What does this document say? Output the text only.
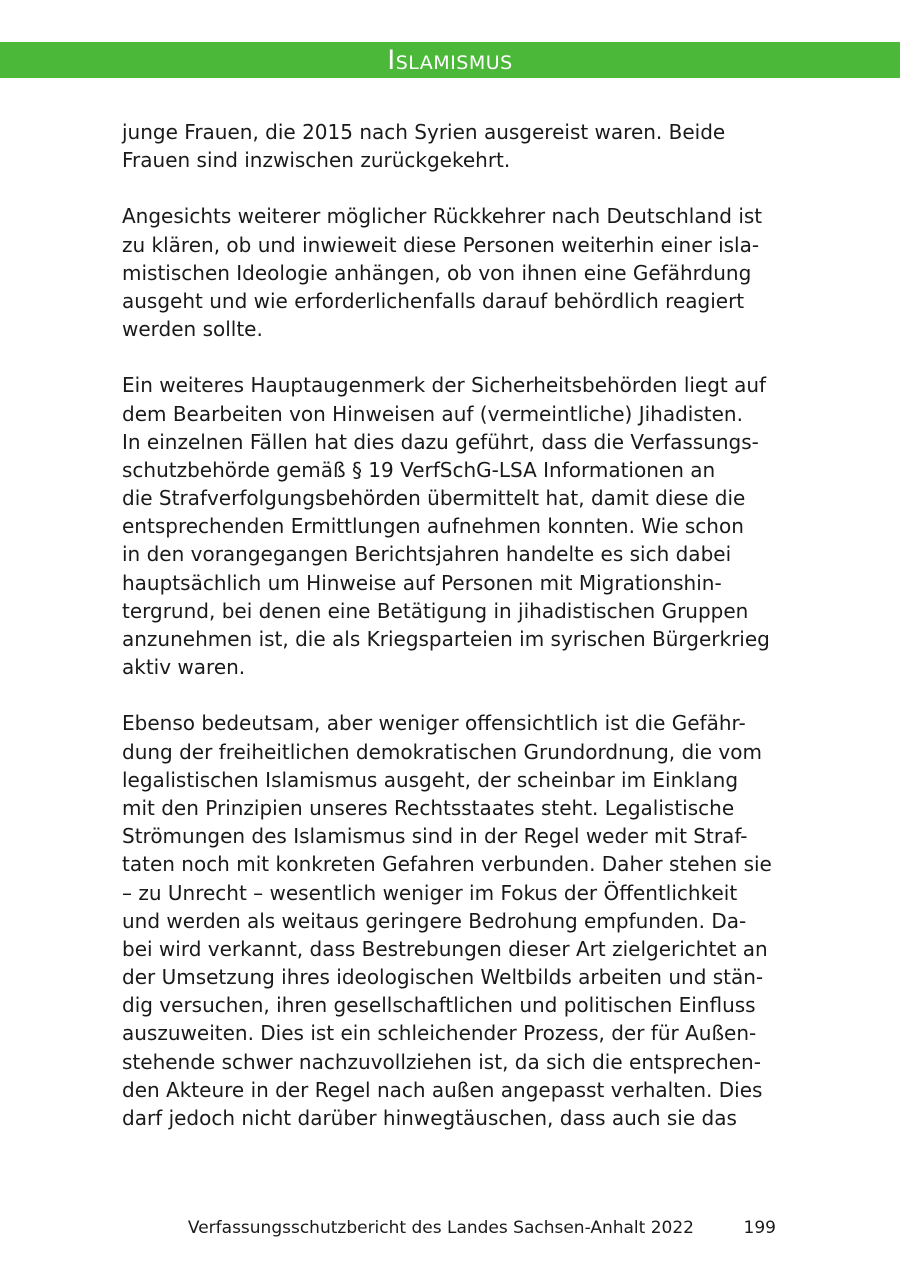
Islamismus

junge Frauen, die 2015 nach Syrien ausgereist waren. Beide
Frauen sind inzwischen zurückgekehrt.

Angesichts weiterer möglicher Rückkehrer nach Deutschland ist
zu klären, ob und inwieweit diese Personen weiterhin einer isla-
mistischen Ideologie anhängen, ob von ihnen eine Gefährdung
ausgeht und wie erforderlichenfalls darauf behördlich reagiert
werden sollte.

Ein weiteres Hauptaugenmerk der Sicherheitsbehörden liegt auf
dem Bearbeiten von Hinweisen auf (vermeintliche) Jihadisten.
In einzelnen Fällen hat dies dazu geführt, dass die Verfassungs-
schutzbehörde gemäß § 19 VerfSchG-LSA Informationen an
die Strafverfolgungsbehörden übermittelt hat, damit diese die
entsprechenden Ermittlungen aufnehmen konnten. Wie schon
in den vorangegangen Berichtsjahren handelte es sich dabei
hauptsächlich um Hinweise auf Personen mit Migrationshin-
tergrund, bei denen eine Betätigung in jihadistischen Gruppen
anzunehmen ist, die als Kriegsparteien im syrischen Bürgerkrieg
aktiv waren.

Ebenso bedeutsam, aber weniger offensichtlich ist die Gefähr-
dung der freiheitlichen demokratischen Grundordnung, die vom
legalistischen Islamismus ausgeht, der scheinbar im Einklang
mit den Prinzipien unseres Rechtsstaates steht. Legalistische
Strömungen des Islamismus sind in der Regel weder mit Straf-
taten noch mit konkreten Gefahren verbunden. Daher stehen sie
– zu Unrecht – wesentlich weniger im Fokus der Öffentlichkeit
und werden als weitaus geringere Bedrohung empfunden. Da-
bei wird verkannt, dass Bestrebungen dieser Art zielgerichtet an
der Umsetzung ihres ideologischen Weltbilds arbeiten und stän-
dig versuchen, ihren gesellschaftlichen und politischen Einfluss
auszuweiten. Dies ist ein schleichender Prozess, der für Außen-
stehende schwer nachzuvollziehen ist, da sich die entsprechen-
den Akteure in der Regel nach außen angepasst verhalten. Dies
darf jedoch nicht darüber hinwegtäuschen, dass auch sie das

Verfassungsschutzbericht des Landes Sachsen-Anhalt 2022	199
